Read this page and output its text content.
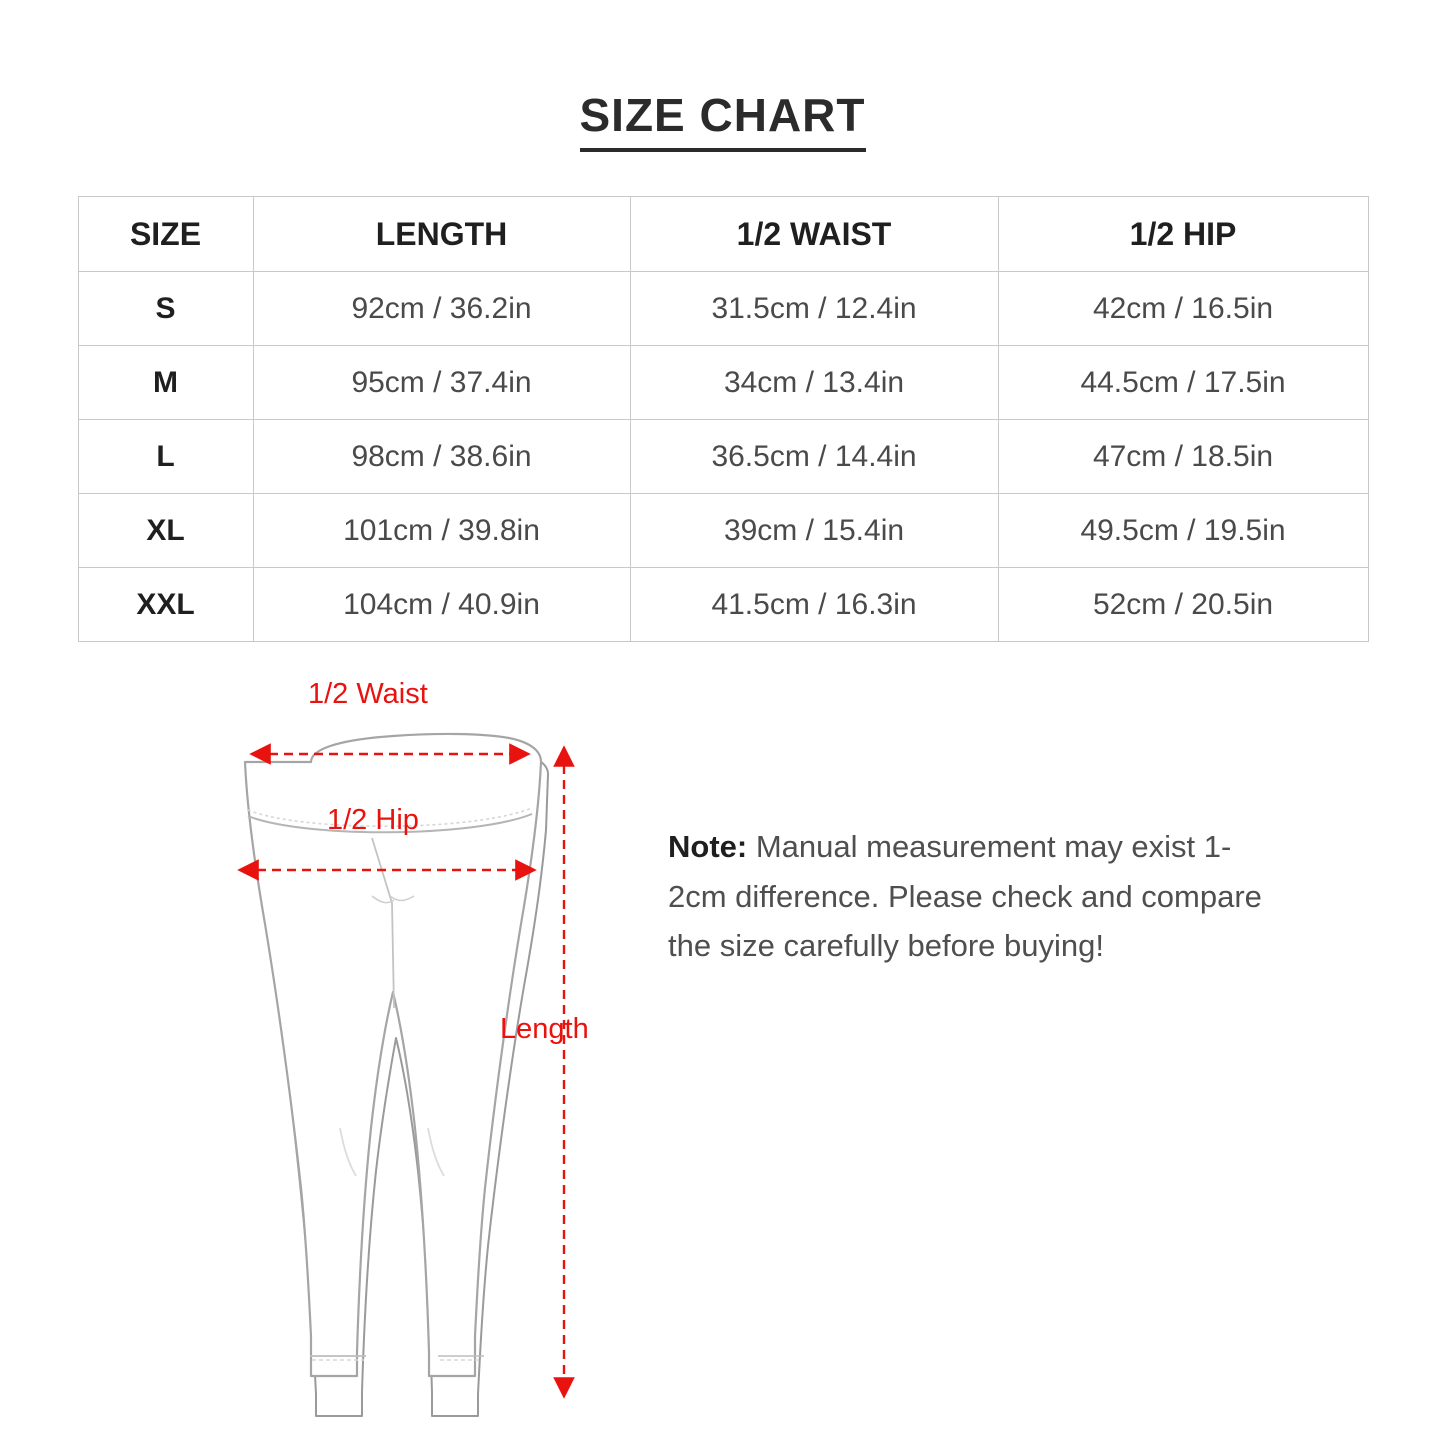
SIZE CHART
SIZE	LENGTH	1/2 WAIST	1/2 HIP
S	92cm / 36.2in	31.5cm / 12.4in	42cm / 16.5in
M	95cm / 37.4in	34cm / 13.4in	44.5cm / 17.5in
L	98cm / 38.6in	36.5cm / 14.4in	47cm / 18.5in
XL	101cm / 39.8in	39cm / 15.4in	49.5cm / 19.5in
XXL	104cm / 40.9in	41.5cm / 16.3in	52cm / 20.5in
1/2 Waist
1/2 Hip
Length
Note: Manual measurement may exist 1-2cm difference. Please check and compare the size carefully before buying!
